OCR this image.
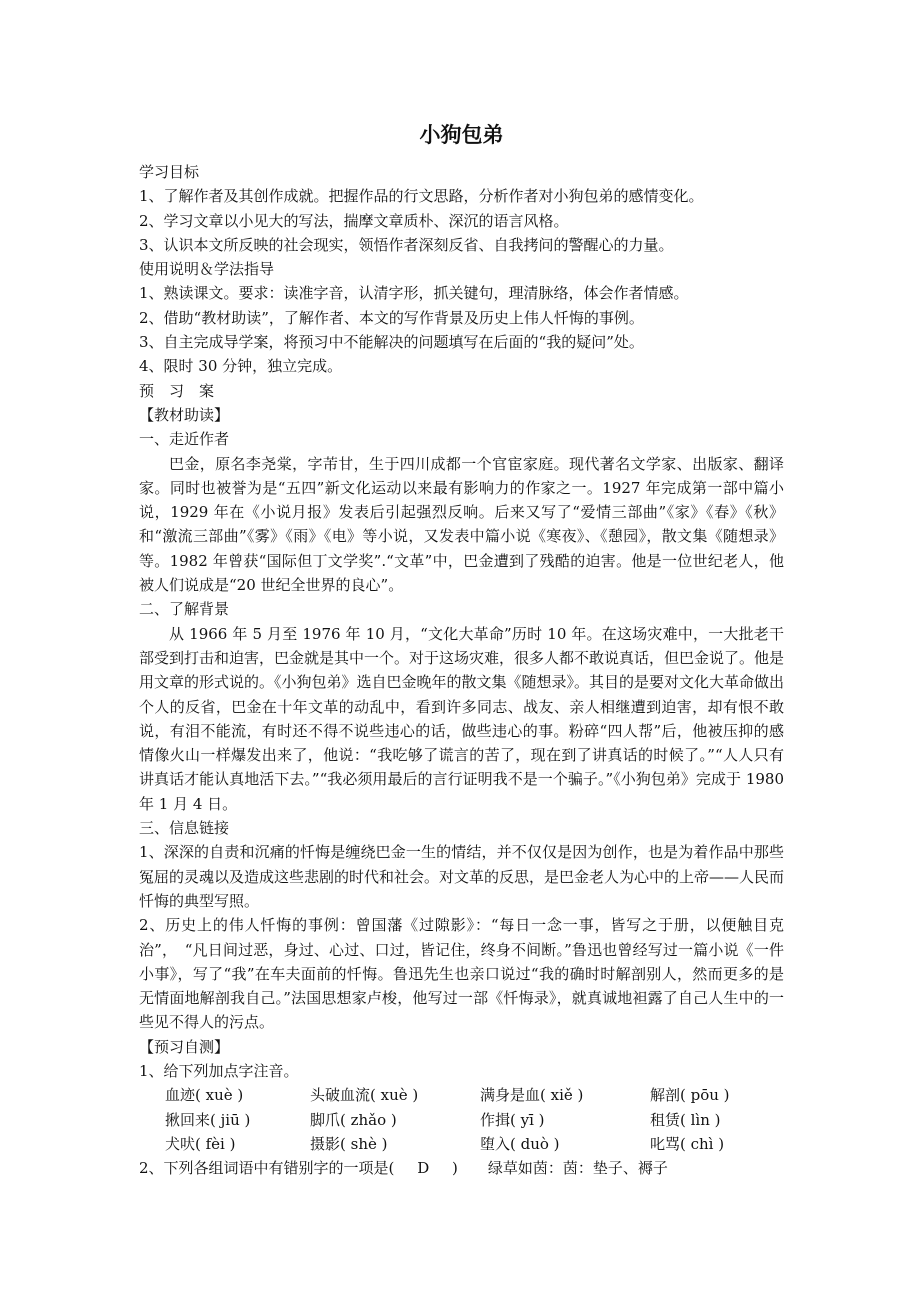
小狗包弟
学习目标
1、了解作者及其创作成就。把握作品的行文思路，分析作者对小狗包弟的感情变化。
2、学习文章以小见大的写法，揣摩文章质朴、深沉的语言风格。
3、认识本文所反映的社会现实，领悟作者深刻反省、自我拷问的警醒心的力量。
使用说明＆学法指导
1、熟读课文。要求：读准字音，认清字形，抓关键句，理清脉络，体会作者情感。
2、借助“教材助读”，了解作者、本文的写作背景及历史上伟人忏悔的事例。
3、自主完成导学案，将预习中不能解决的问题填写在后面的“我的疑问”处。
4、限时 30 分钟，独立完成。
预　习　案
【教材助读】
一、走近作者

巴金，原名李尧棠，字芾甘，生于四川成都一个官宦家庭。现代著名文学家、出版家、翻译家。同时也被誉为是“五四”新文化运动以来最有影响力的作家之一。1927 年完成第一部中篇小说，1929 年在《小说月报》发表后引起强烈反响。后来又写了“爱情三部曲”《家》《春》《秋》和“激流三部曲”《雾》《雨》《电》等小说，又发表中篇小说《寒夜》、《憩园》，散文集《随想录》等。1982 年曾获“国际但丁文学奖”.“文革”中，巴金遭到了残酷的迫害。他是一位世纪老人，他被人们说成是“20 世纪全世界的良心”。

二、了解背景

从 1966 年 5 月至 1976 年 10 月，“文化大革命”历时 10 年。在这场灾难中，一大批老干部受到打击和迫害，巴金就是其中一个。对于这场灾难，很多人都不敢说真话，但巴金说了。他是用文章的形式说的。《小狗包弟》选自巴金晚年的散文集《随想录》。其目的是要对文化大革命做出个人的反省，巴金在十年文革的动乱中，看到许多同志、战友、亲人相继遭到迫害，却有恨不敢说，有泪不能流，有时还不得不说些违心的话，做些违心的事。粉碎“四人帮”后，他被压抑的感情像火山一样爆发出来了，他说：“我吃够了谎言的苦了，现在到了讲真话的时候了。”“人人只有讲真话才能认真地活下去。”“我必须用最后的言行证明我不是一个骗子。”《小狗包弟》完成于 1980 年 1 月 4 日。

三、信息链接

1、深深的自责和沉痛的忏悔是缠绕巴金一生的情结，并不仅仅是因为创作，也是为着作品中那些冤屈的灵魂以及造成这些悲剧的时代和社会。对文革的反思，是巴金老人为心中的上帝——人民而忏悔的典型写照。

2、历史上的伟人忏悔的事例：曾国藩《过隙影》：“每日一念一事，皆写之于册，以便触目克治”，　“凡日间过恶，身过、心过、口过，皆记住，终身不间断。”鲁迅也曾经写过一篇小说《一件小事》，写了“我”在车夫面前的忏悔。鲁迅先生也亲口说过“我的确时时解剖别人，然而更多的是无情面地解剖我自己。”法国思想家卢梭，他写过一部《忏悔录》，就真诚地袒露了自己人生中的一些见不得人的污点。

【预习自测】
1、给下列加点字注音。
血迹( xuè )	头破血流( xuè )	满身是血( xiě )	解剖( pōu )
揪回来( jiū )	脚爪( zhǎo )	作揖( yī )	租赁( lìn )
犬吠( fèi )	摄影( shè )	堕入( duò )	叱骂( chì )
2、下列各组词语中有错别字的一项是( D )　　绿草如茵：茵：垫子、褥子
